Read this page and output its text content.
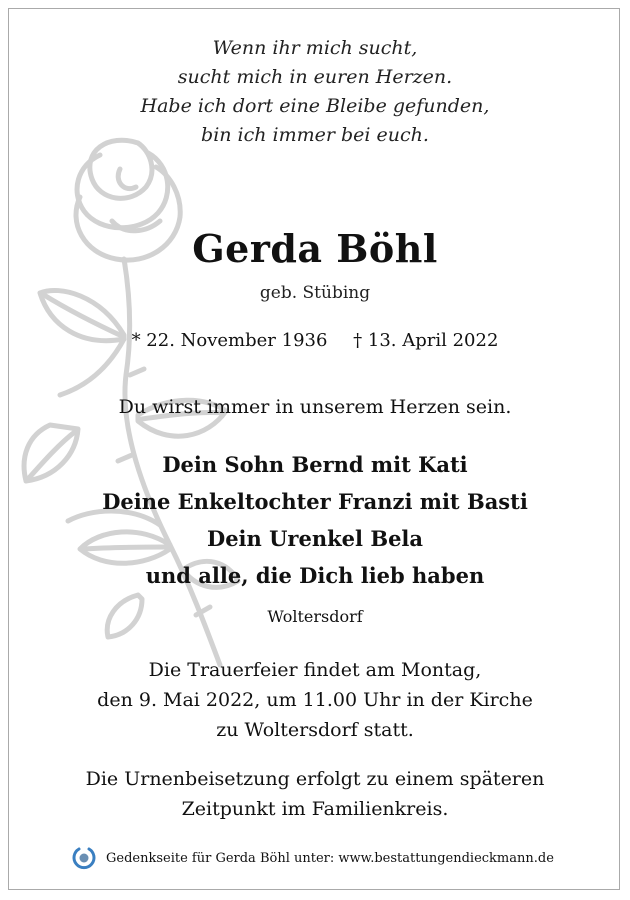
Wenn ihr mich sucht,
sucht mich in euren Herzen.
Habe ich dort eine Bleibe gefunden,
bin ich immer bei euch.
Gerda Böhl
geb. Stübing
* 22. November 1936 † 13. April 2022
Du wirst immer in unserem Herzen sein.
Dein Sohn Bernd mit Kati
Deine Enkeltochter Franzi mit Basti
Dein Urenkel Bela
und alle, die Dich lieb haben
Woltersdorf
Die Trauerfeier findet am Montag,
den 9. Mai 2022, um 11.00 Uhr in der Kirche
zu Woltersdorf statt.
Die Urnenbeisetzung erfolgt zu einem späteren
Zeitpunkt im Familienkreis.
Gedenkseite für Gerda Böhl unter: www.bestattungendieckmann.de
